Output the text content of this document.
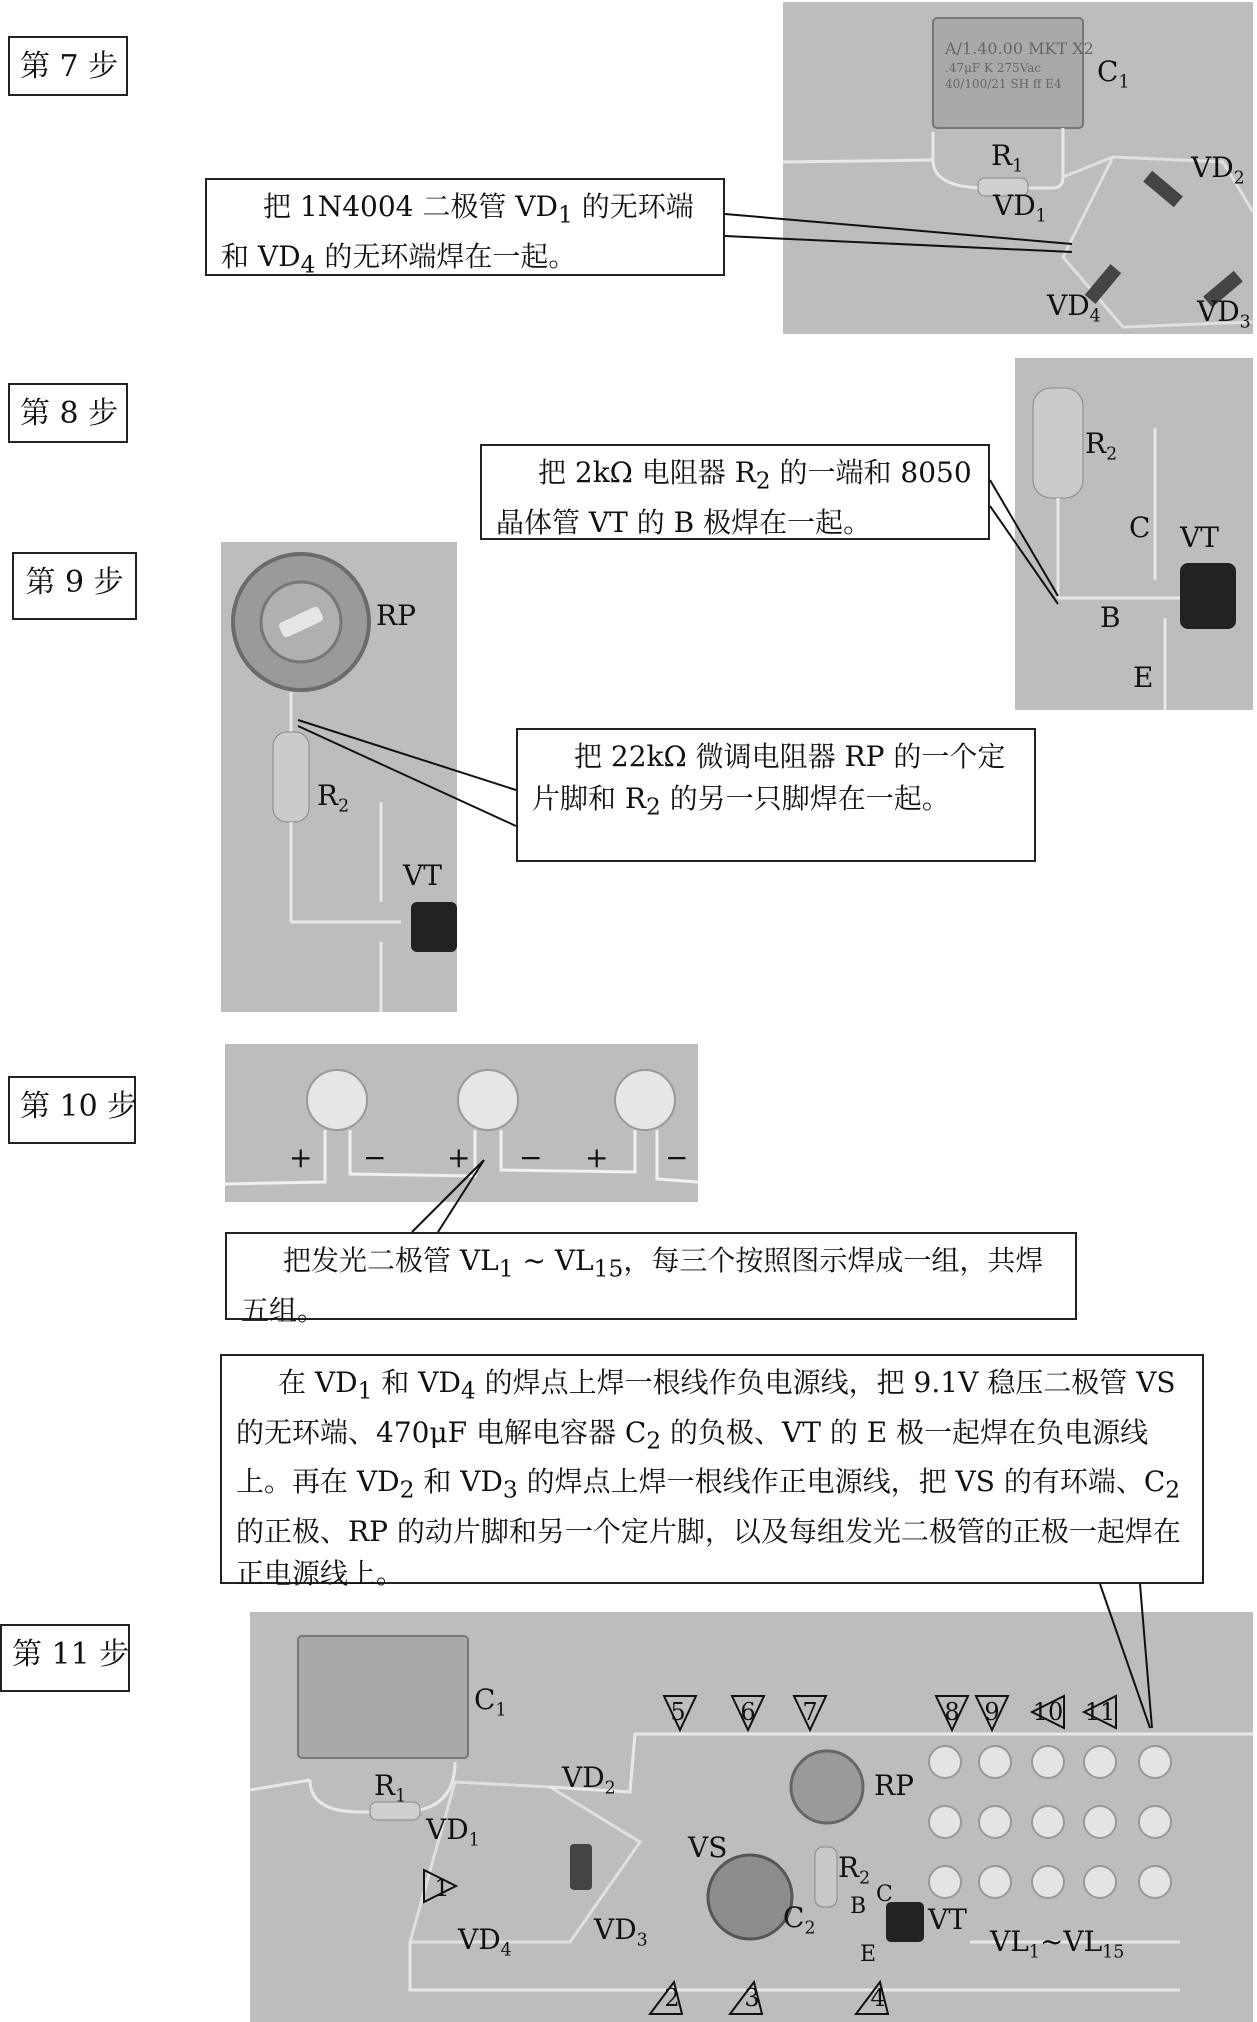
第 7 步
A/1.40.00 MKT X2
.47μF K 275Vac
40/100/21 SH ff E4 $C_1$
$R_1$
$VD_1$
$VD_2$
$VD_4$	$VD_3$
把 1N4004 二极管 $VD_1$ 的无环端和 $VD_4$ 的无环端焊在一起。
第 8 步
$R_2$
C VT
B
E
把 2kΩ 电阻器 $R_2$ 的一端和 8050 晶体管 VT 的 B 极焊在一起。
第 9 步
RP
$R_2$
VT
把 22kΩ 微调电阻器 RP 的一个定片脚和 $R_2$ 的另一只脚焊在一起。
第 10 步
+ − + − + −
把发光二极管 $VL_1$ ~ $VL_{15}$，每三个按照图示焊成一组，共焊五组。
在 $VD_1$ 和 $VD_4$ 的焊点上焊一根线作负电源线，把 9.1V 稳压二极管 VS 的无环端、470μF 电解电容器 $C_2$ 的负极、VT 的 E 极一起焊在负电源线上。再在 $VD_2$ 和 $VD_3$ 的焊点上焊一根线作正电源线，把 VS 的有环端、$C_2$ 的正极、RP 的动片脚和另一个定片脚，以及每组发光二极管的正极一起焊在正电源线上。
第 11 步
$C_1$
$R_1$
$VD_1$
$VD_2$
$VD_4$
$VD_3$
VS
RP
$R_2$
$C_2$
B C
E
VT
$VL_1\sim VL_{15}$
1
2	3	4
5	6	7	8	9	10 11
